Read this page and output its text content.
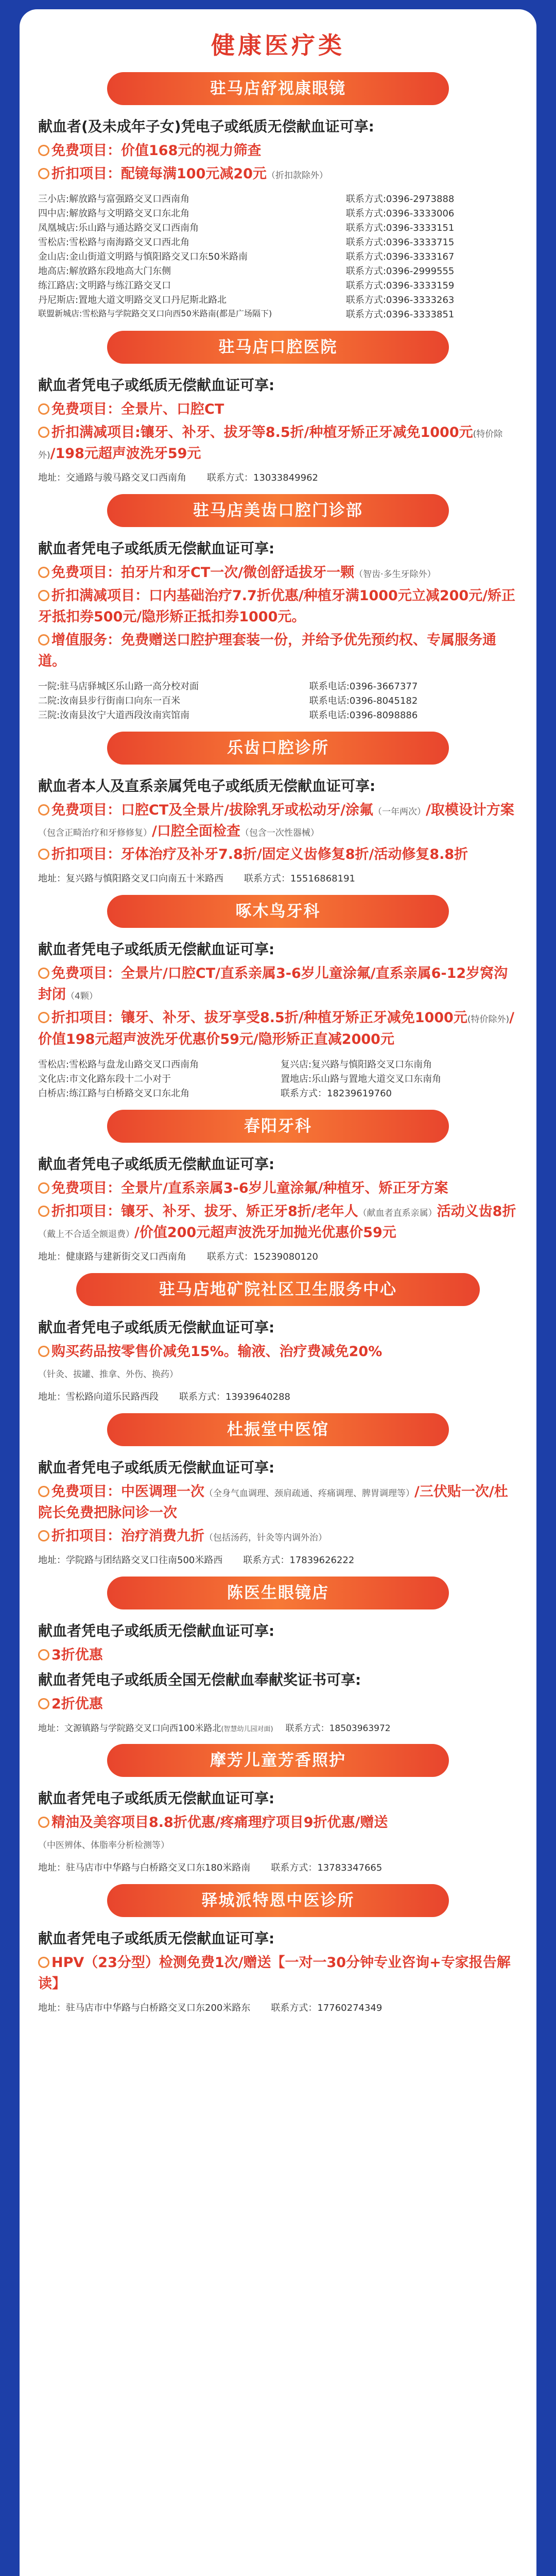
健康医疗类
驻马店舒视康眼镜
献血者(及未成年子女)凭电子或纸质无偿献血证可享:
免费项目：价值168元的视力筛查
折扣项目：配镜每满100元减20元（折扣款除外）
三小店:解放路与富强路交叉口西南角	联系方式:0396-2973888
四中店:解放路与文明路交叉口东北角	联系方式:0396-3333006
凤凰城店:乐山路与通达路交叉口西南角	联系方式:0396-3333151
雪松店:雪松路与南海路交叉口西北角	联系方式:0396-3333715
金山店:金山街道文明路与慎阳路交叉口东50米路南	联系方式:0396-3333167
地高店:解放路东段地高大门东侧	联系方式:0396-2999555
练江路店:文明路与练江路交叉口	联系方式:0396-3333159
丹尼斯店:置地大道文明路交叉口丹尼斯北路北	联系方式:0396-3333263
联盟新城店:雪松路与学院路交叉口向西50米路南(都是广场隔下)	联系方式:0396-3333851
驻马店口腔医院
献血者凭电子或纸质无偿献血证可享:
免费项目：全景片、口腔CT
折扣满减项目:镶牙、补牙、拔牙等8.5折/种植牙矫正牙减免1000元(特价除外)/198元超声波洗牙59元
地址：交通路与骏马路交叉口西南角 联系方式：13033849962
驻马店美齿口腔门诊部
献血者凭电子或纸质无偿献血证可享:
免费项目：拍牙片和牙CT一次/微创舒适拔牙一颗（智齿·多生牙除外）
折扣满减项目：口内基础治疗7.7折优惠/种植牙满1000元立减200元/矫正牙抵扣券500元/隐形矫正抵扣券1000元。
增值服务：免费赠送口腔护理套装一份，并给予优先预约权、专属服务通道。
一院:驻马店驿城区乐山路一高分校对面	联系电话:0396-3667377
二院:汝南县步行街南口向东一百米	联系电话:0396-8045182
三院:汝南县汝宁大道西段汝南宾馆南	联系电话:0396-8098886
乐齿口腔诊所
献血者本人及直系亲属凭电子或纸质无偿献血证可享:
免费项目：口腔CT及全景片/拔除乳牙或松动牙/涂氟（一年两次）/取模设计方案（包含正畸治疗和牙修修复）/口腔全面检查（包含一次性器械）
折扣项目：牙体治疗及补牙7.8折/固定义齿修复8折/活动修复8.8折
地址：复兴路与慎阳路交叉口向南五十米路西 联系方式：15516868191
啄木鸟牙科
献血者凭电子或纸质无偿献血证可享:
免费项目：全景片/口腔CT/直系亲属3-6岁儿童涂氟/直系亲属6-12岁窝沟封闭（4颗）
折扣项目：镶牙、补牙、拔牙享受8.5折/种植牙矫正牙减免1000元(特价除外)/价值198元超声波洗牙优惠价59元/隐形矫正直减2000元
雪松店:雪松路与盘龙山路交叉口西南角	复兴店:复兴路与慎阳路交叉口东南角
文化店:市文化路东段十二小对于	置地店:乐山路与置地大道交叉口东南角
白桥店:练江路与白桥路交叉口东北角	联系方式：18239619760
春阳牙科
献血者凭电子或纸质无偿献血证可享:
免费项目：全景片/直系亲属3-6岁儿童涂氟/种植牙、矫正牙方案
折扣项目：镶牙、补牙、拔牙、矫正牙8折/老年人（献血者直系亲属）活动义齿8折（戴上不合适全额退费）/价值200元超声波洗牙加抛光优惠价59元
地址：健康路与建新街交叉口西南角 联系方式：15239080120
驻马店地矿院社区卫生服务中心
献血者凭电子或纸质无偿献血证可享:
购买药品按零售价减免15%。输液、治疗费减免20%（针灸、拔罐、推拿、外伤、换药）
地址：雪松路向道乐民路西段 联系方式：13939640288
杜振堂中医馆
献血者凭电子或纸质无偿献血证可享:
免费项目：中医调理一次（全身气血调理、颈肩疏通、疼痛调理、脾胃调理等）/三伏贴一次/杜院长免费把脉问诊一次
折扣项目：治疗消费九折（包括汤药，针灸等内调外治）
地址：学院路与团结路交叉口往南500米路西 联系方式：17839626222
陈医生眼镜店
献血者凭电子或纸质无偿献血证可享:
3折优惠
献血者凭电子或纸质全国无偿献血奉献奖证书可享:
2折优惠
地址：文源镇路与学院路交叉口向西100米路北(智慧幼儿园对面) 联系方式：18503963972
摩芳儿童芳香照护
献血者凭电子或纸质无偿献血证可享:
精油及美容项目8.8折优惠/疼痛理疗项目9折优惠/赠送（中医辨体、体脂率分析检测等）
地址：驻马店市中华路与白桥路交叉口东180米路南 联系方式：13783347665
驿城派特恩中医诊所
献血者凭电子或纸质无偿献血证可享:
HPV（23分型）检测免费1次/赠送【一对一30分钟专业咨询+专家报告解读】
地址：驻马店市中华路与白桥路交叉口东200米路东 联系方式：17760274349
